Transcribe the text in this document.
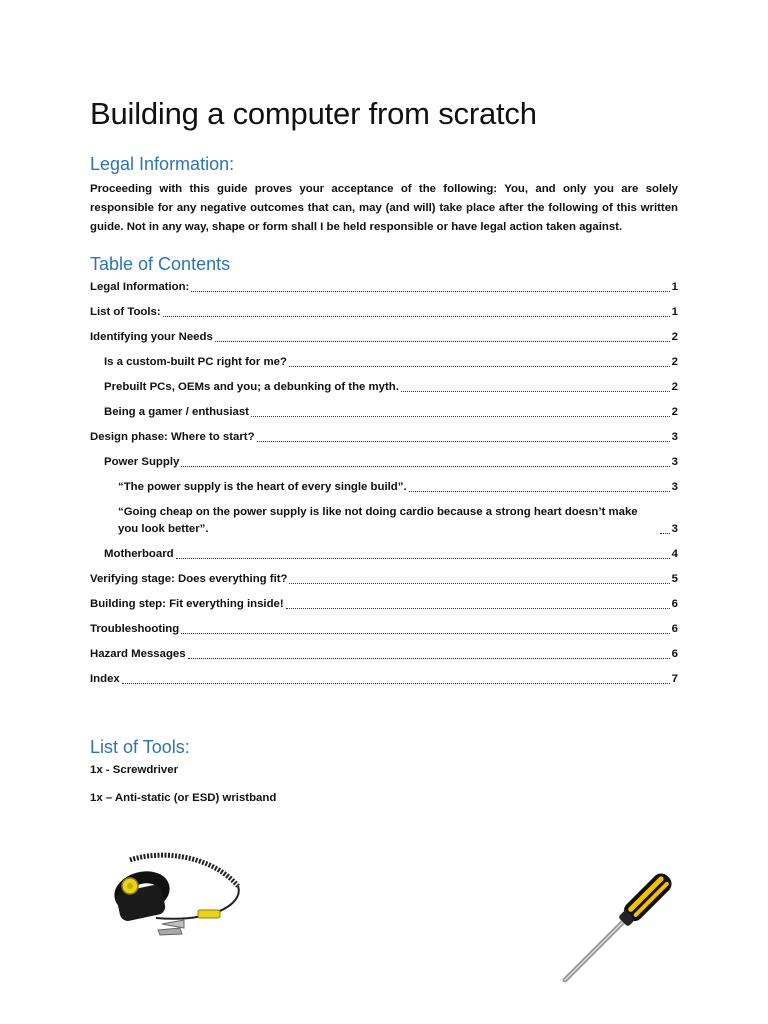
Building a computer from scratch
Legal Information:
Proceeding with this guide proves your acceptance of the following: You, and only you are solely responsible for any negative outcomes that can, may (and will) take place after the following of this written guide. Not in any way, shape or form shall I be held responsible or have legal action taken against.
Table of Contents
Legal Information:	1
List of Tools:	1
Identifying your Needs	2
Is a custom-built PC right for me?	2
Prebuilt PCs, OEMs and you; a debunking of the myth.	2
Being a gamer / enthusiast	2
Design phase: Where to start?	3
Power Supply	3
“The power supply is the heart of every single build”.	3
“Going cheap on the power supply is like not doing cardio because a strong heart doesn’t make you look better”.	3
Motherboard	4
Verifying stage: Does everything fit?	5
Building step: Fit everything inside!	6
Troubleshooting	6
Hazard Messages	6
Index	7
List of Tools:
1x - Screwdriver
1x – Anti-static (or ESD) wristband
